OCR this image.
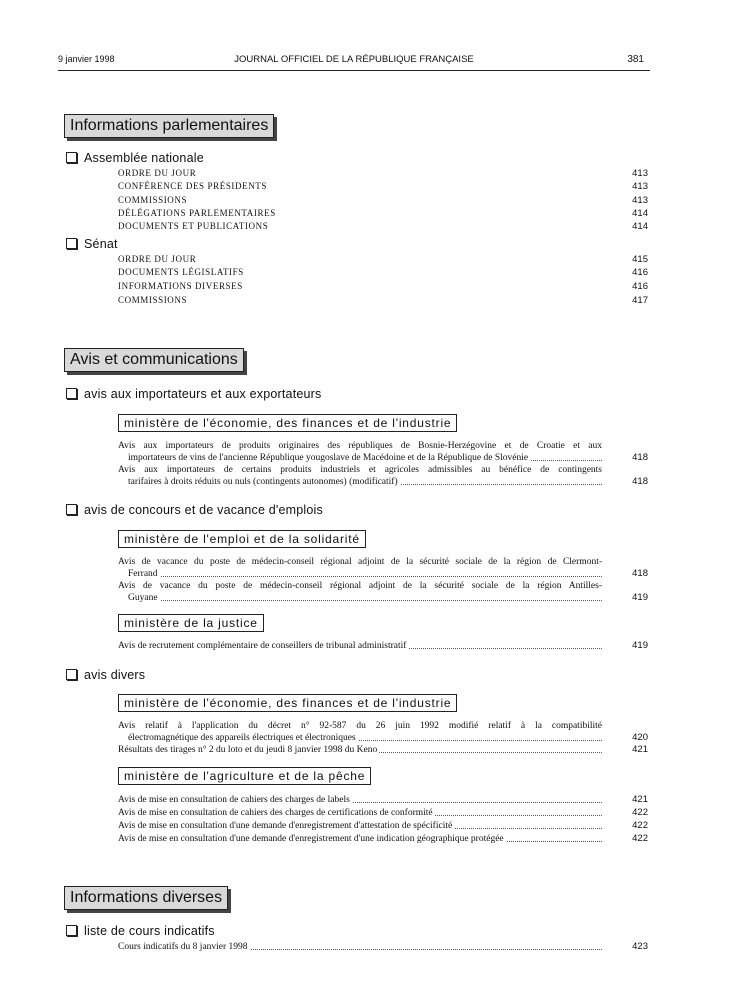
9 janvier 1998	JOURNAL OFFICIEL DE LA RÉPUBLIQUE FRANÇAISE	381
Informations parlementaires
Assemblée nationale
ORDRE DU JOUR	413
CONFÉRENCE DES PRÉSIDENTS	413
COMMISSIONS	413
DÉLÉGATIONS PARLEMENTAIRES	414
DOCUMENTS ET PUBLICATIONS	414
Sénat
ORDRE DU JOUR	415
DOCUMENTS LÉGISLATIFS	416
INFORMATIONS DIVERSES	416
COMMISSIONS	417
Avis et communications
avis aux importateurs et aux exportateurs
ministère de l'économie, des finances et de l'industrie
Avis aux importateurs de produits originaires des républiques de Bosnie-Herzégovine et de Croatie et aux
importateurs de vins de l'ancienne République yougoslave de Macédoine et de la République de Slovénie	418
Avis aux importateurs de certains produits industriels et agricoles admissibles au bénéfice de contingents
tarifaires à droits réduits ou nuls (contingents autonomes) (modificatif)	418
avis de concours et de vacance d'emplois
ministère de l'emploi et de la solidarité
Avis de vacance du poste de médecin-conseil régional adjoint de la sécurité sociale de la région de Clermont-
Ferrand	418
Avis de vacance du poste de médecin-conseil régional adjoint de la sécurité sociale de la région Antilles-
Guyane	419
ministère de la justice
Avis de recrutement complémentaire de conseillers de tribunal administratif	419
avis divers
ministère de l'économie, des finances et de l'industrie
Avis relatif à l'application du décret n° 92-587 du 26 juin 1992 modifié relatif à la compatibilité
électromagnétique des appareils électriques et électroniques	420
Résultats des tirages n° 2 du loto et du jeudi 8 janvier 1998 du Keno	421
ministère de l'agriculture et de la pêche
Avis de mise en consultation de cahiers des charges de labels	421
Avis de mise en consultation de cahiers des charges de certifications de conformité	422
Avis de mise en consultation d'une demande d'enregistrement d'attestation de spécificité	422
Avis de mise en consultation d'une demande d'enregistrement d'une indication géographique protégée	422
Informations diverses
liste de cours indicatifs
Cours indicatifs du 8 janvier 1998	423
